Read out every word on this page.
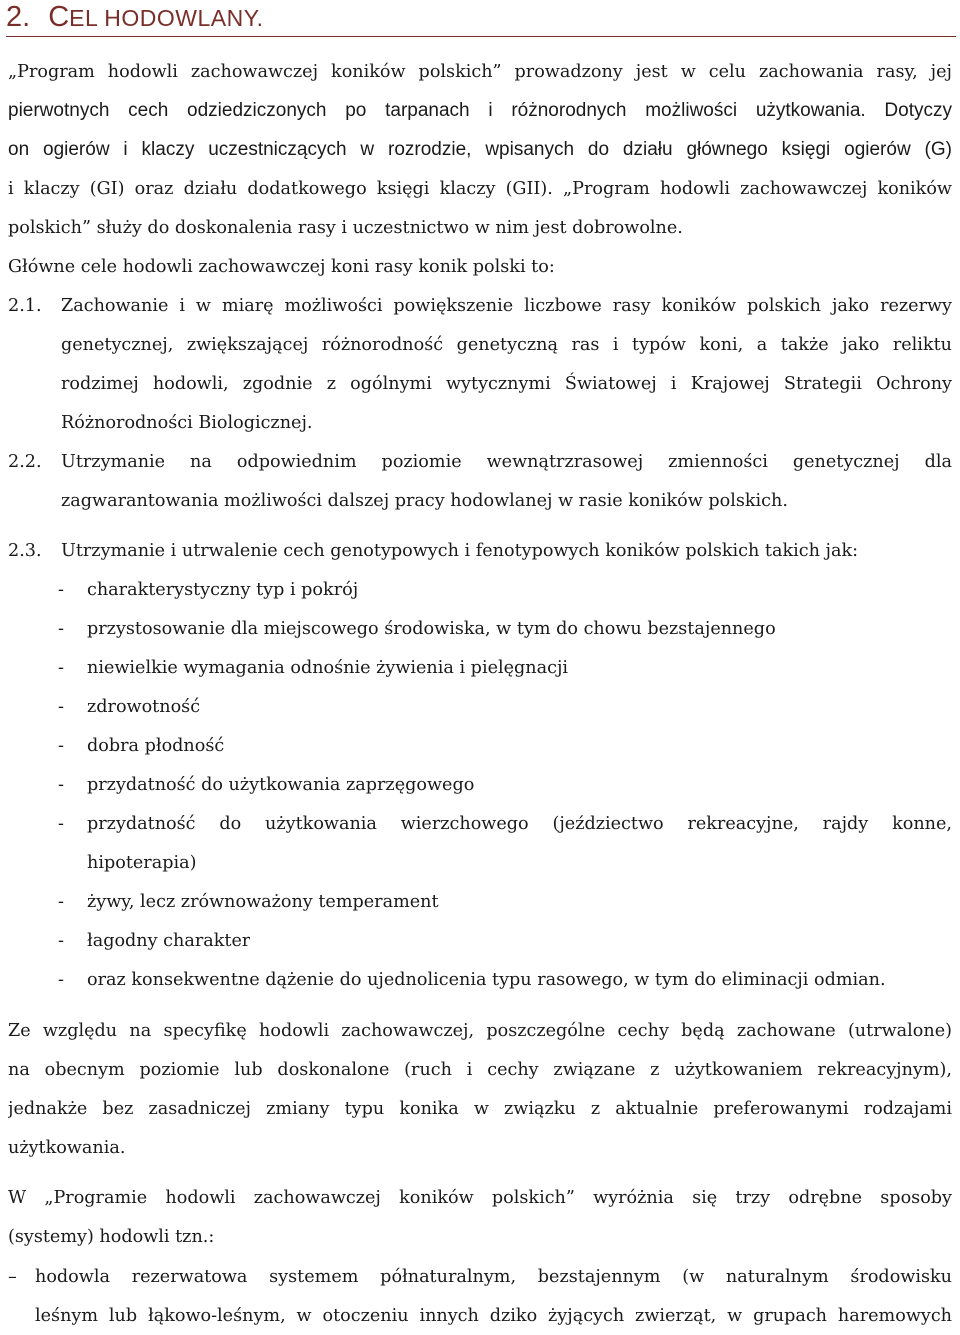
2. CEL HODOWLANY.
„Program hodowli zachowawczej koników polskich” prowadzony jest w celu zachowania rasy, jej
pierwotnych cech odziedziczonych po tarpanach i różnorodnych możliwości użytkowania. Dotyczy
on ogierów i klaczy uczestniczących w rozrodzie, wpisanych do działu głównego księgi ogierów (G)
i klaczy (GI) oraz działu dodatkowego księgi klaczy (GII). „Program hodowli zachowawczej koników
polskich” służy do doskonalenia rasy i uczestnictwo w nim jest dobrowolne.
Główne cele hodowli zachowawczej koni rasy konik polski to:
2.1. Zachowanie i w miarę możliwości powiększenie liczbowe rasy koników polskich jako rezerwy
genetycznej, zwiększającej różnorodność genetyczną ras i typów koni, a także jako reliktu
rodzimej hodowli, zgodnie z ogólnymi wytycznymi Światowej i Krajowej Strategii Ochrony
Różnorodności Biologicznej.
2.2. Utrzymanie na odpowiednim poziomie wewnątrzrasowej zmienności genetycznej dla
zagwarantowania możliwości dalszej pracy hodowlanej w rasie koników polskich.
2.3. Utrzymanie i utrwalenie cech genotypowych i fenotypowych koników polskich takich jak:
- charakterystyczny typ i pokrój
- przystosowanie dla miejscowego środowiska, w tym do chowu bezstajennego
- niewielkie wymagania odnośnie żywienia i pielęgnacji
- zdrowotność
- dobra płodność
- przydatność do użytkowania zaprzęgowego
- przydatność do użytkowania wierzchowego (jeździectwo rekreacyjne, rajdy konne,
hipoterapia)
- żywy, lecz zrównoważony temperament
- łagodny charakter
- oraz konsekwentne dążenie do ujednolicenia typu rasowego, w tym do eliminacji odmian.
Ze względu na specyfikę hodowli zachowawczej, poszczególne cechy będą zachowane (utrwalone)
na obecnym poziomie lub doskonalone (ruch i cechy związane z użytkowaniem rekreacyjnym),
jednakże bez zasadniczej zmiany typu konika w związku z aktualnie preferowanymi rodzajami
użytkowania.
W „Programie hodowli zachowawczej koników polskich” wyróżnia się trzy odrębne sposoby
(systemy) hodowli tzn.:
– hodowla rezerwatowa systemem półnaturalnym, bezstajennym (w naturalnym środowisku
leśnym lub łąkowo-leśnym, w otoczeniu innych dziko żyjących zwierząt, w grupach haremowych
